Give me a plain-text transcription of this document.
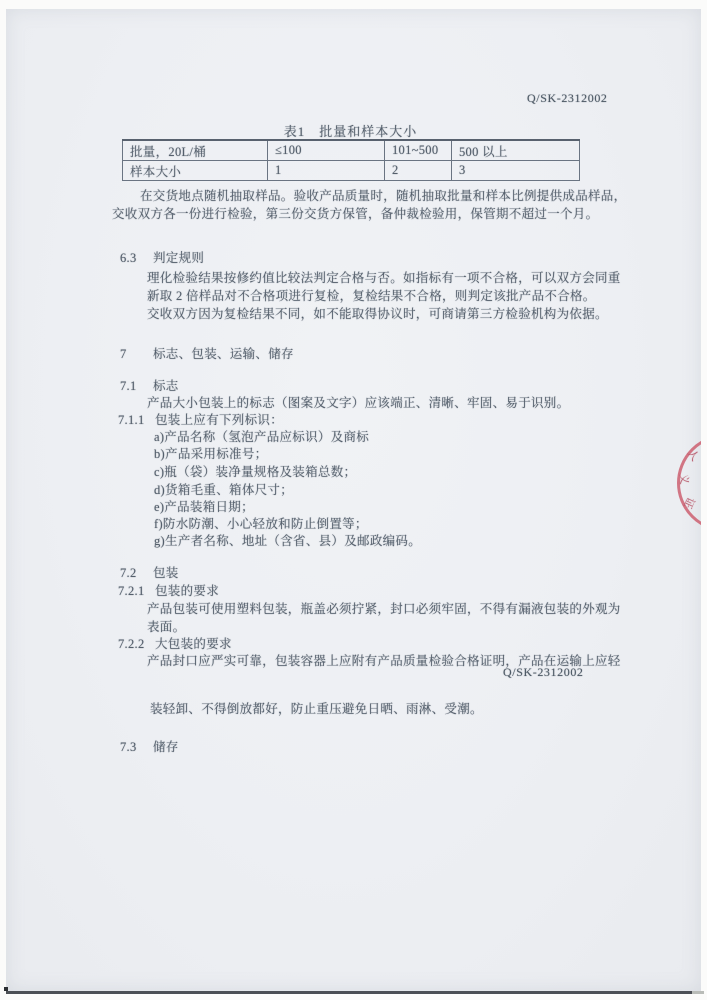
Q/SK-2312002
表1　批量和样本大小
批量，20L/桶	≤100	101~500	500 以上
样本大小	1	2	3
在交货地点随机抽取样品。验收产品质量时，随机抽取批量和样本比例提供成品样品，
交收双方各一份进行检验，第三份交货方保管，备仲裁检验用，保管期不超过一个月。
6.3 判定规则
理化检验结果按修约值比较法判定合格与否。如指标有一项不合格，可以双方会同重
新取 2 倍样品对不合格项进行复检，复检结果不合格，则判定该批产品不合格。
交收双方因为复检结果不同，如不能取得协议时，可商请第三方检验机构为依据。
7 标志、包装、运输、储存
7.1 标志
产品大小包装上的标志（图案及文字）应该端正、清晰、牢固、易于识别。
7.1.1 包装上应有下列标识：
a)产品名称（氢泡产品应标识）及商标
b)产品采用标准号；
c)瓶（袋）装净量规格及装箱总数；
d)货箱毛重、箱体尺寸；
e)产品装箱日期；
f)防水防潮、小心轻放和防止倒置等；
g)生产者名称、地址（含省、县）及邮政编码。
7.2 包装
7.2.1 包装的要求
产品包装可使用塑料包装，瓶盖必须拧紧，封口必须牢固，不得有漏液包装的外观为
表面。
7.2.2 大包装的要求
产品封口应严实可靠，包装容器上应附有产品质量检验合格证明，产品在运输上应轻
Q/SK-2312002
装轻卸、不得倒放都好，防止重压避免日晒、雨淋、受潮。
7.3 储存
人
义
证
